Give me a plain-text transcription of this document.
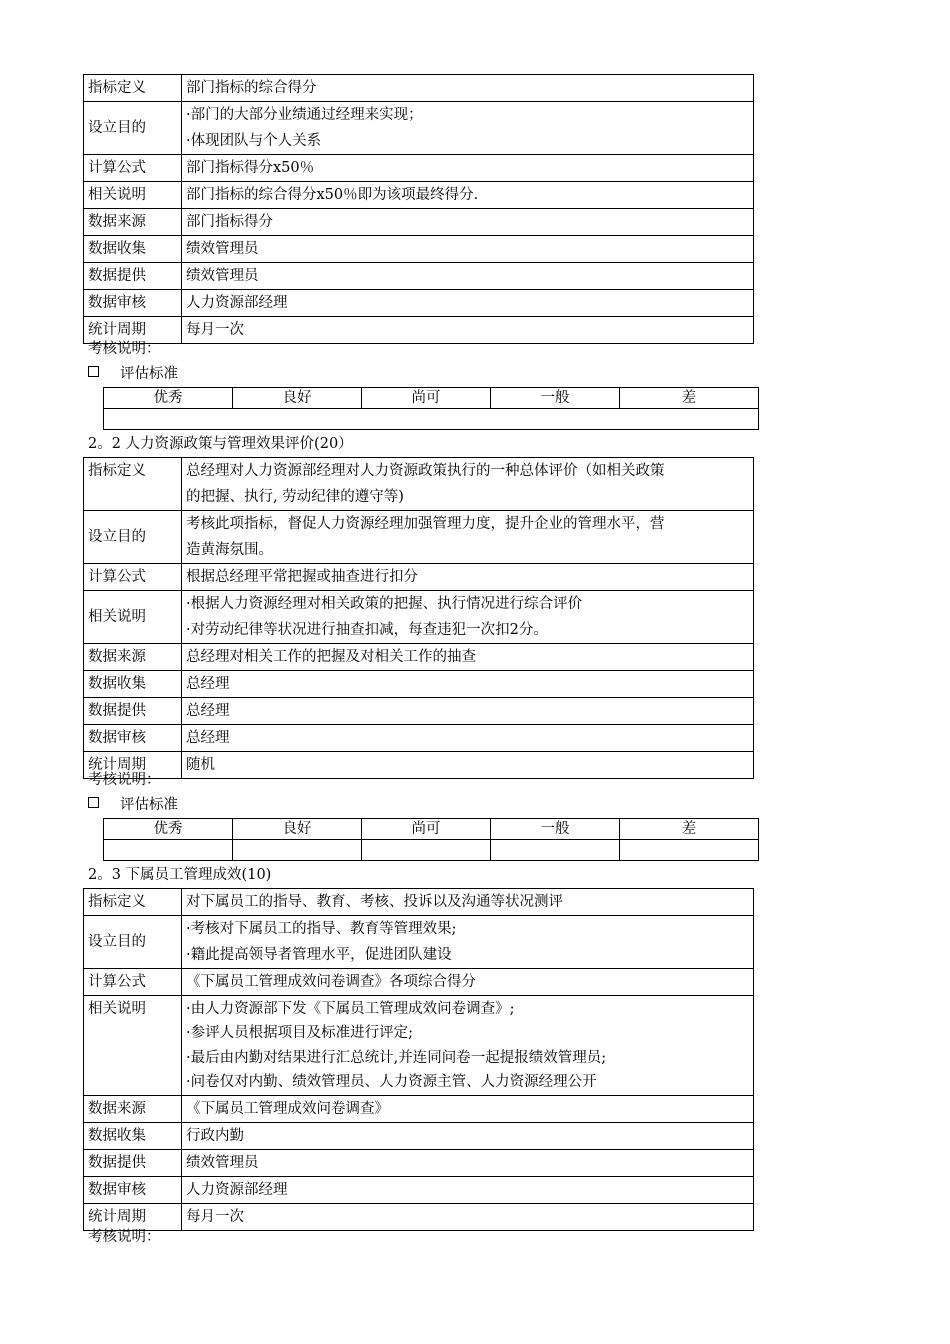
指标定义	部门指标的综合得分
设立目的	·部门的大部分业绩通过经理来实现；
·体现团队与个人关系

计算公式	部门指标得分x50％
相关说明	部门指标的综合得分x50％即为该项最终得分.
数据来源	部门指标得分
数据收集	绩效管理员
数据提供	绩效管理员
数据审核	人力资源部经理
统计周期	每月一次
考核说明：
评估标准
优秀	良好	尚可	一般	差

2。2 人力资源政策与管理效果评价(20）
指标定义	总经理对人力资源部经理对人力资源政策执行的一种总体评价（如相关政策
的把握、执行, 劳动纪律的遵守等)

设立目的	考核此项指标，督促人力资源经理加强管理力度，提升企业的管理水平，营
造黄海氛围。

计算公式	根据总经理平常把握或抽查进行扣分
相关说明	·根据人力资源经理对相关政策的把握、执行情况进行综合评价
·对劳动纪律等状况进行抽查扣减，每查违犯一次扣2分。

数据来源	总经理对相关工作的把握及对相关工作的抽查
数据收集	总经理
数据提供	总经理
数据审核	总经理
统计周期	随机
考核说明：
评估标准
优秀	良好	尚可	一般	差

2。3 下属员工管理成效(10)
指标定义	对下属员工的指导、教育、考核、投诉以及沟通等状况测评
设立目的	·考核对下属员工的指导、教育等管理效果;
·籍此提高领导者管理水平，促进团队建设

计算公式	《下属员工管理成效问卷调查》各项综合得分
相关说明	·由人力资源部下发《下属员工管理成效问卷调查》;
·参评人员根据项目及标准进行评定;
·最后由内勤对结果进行汇总统计,并连同问卷一起提报绩效管理员;
·问卷仅对内勤、绩效管理员、人力资源主管、人力资源经理公开

数据来源	《下属员工管理成效问卷调查》
数据收集	行政内勤
数据提供	绩效管理员
数据审核	人力资源部经理
统计周期	每月一次
考核说明：
